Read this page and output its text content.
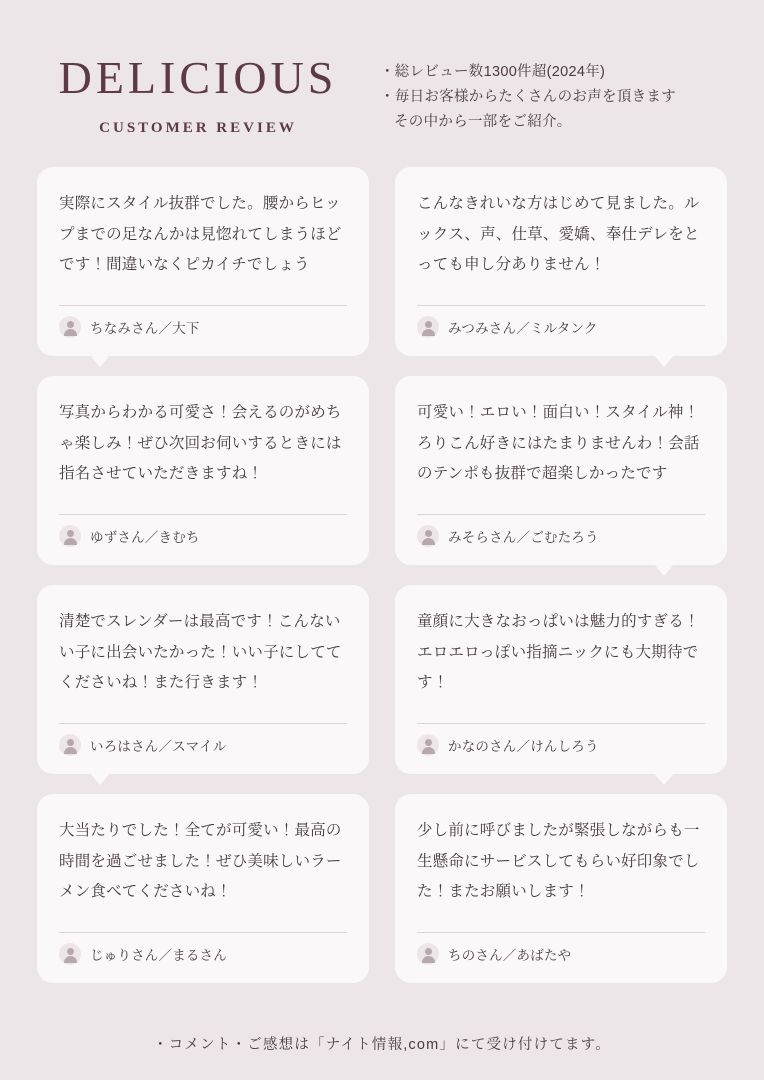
DELICIOUS
CUSTOMER REVIEW
・総レビュー数1300件超(2024年)
・毎日お客様からたくさんのお声を頂きます
その中から一部をご紹介。
実際にスタイル抜群でした。腰からヒップまでの足なんかは見惚れてしまうほどです！間違いなくピカイチでしょう
ちなみさん／大下
こんなきれいな方はじめて見ました。ルックス、声、仕草、愛嬌、奉仕デレをとっても申し分ありません！
みつみさん／ミルタンク
写真からわかる可愛さ！会えるのがめちゃ楽しみ！ぜひ次回お伺いするときには指名させていただきますね！
ゆずさん／きむち
可愛い！エロい！面白い！スタイル神！ろりこん好きにはたまりませんわ！会話のテンポも抜群で超楽しかったです
みそらさん／ごむたろう
清楚でスレンダーは最高です！こんないい子に出会いたかった！いい子にしててくださいね！また行きます！
いろはさん／スマイル
童顔に大きなおっぱいは魅力的すぎる！エロエロっぽい指摘ニックにも大期待です！
かなのさん／けんしろう
大当たりでした！全てが可愛い！最高の時間を過ごせました！ぜひ美味しいラーメン食べてくださいね！
じゅりさん／まるさん
少し前に呼びましたが緊張しながらも一生懸命にサービスしてもらい好印象でした！またお願いします！
ちのさん／あばたや
・コメント・ご感想は「ナイト情報,com」にて受け付けてます。
